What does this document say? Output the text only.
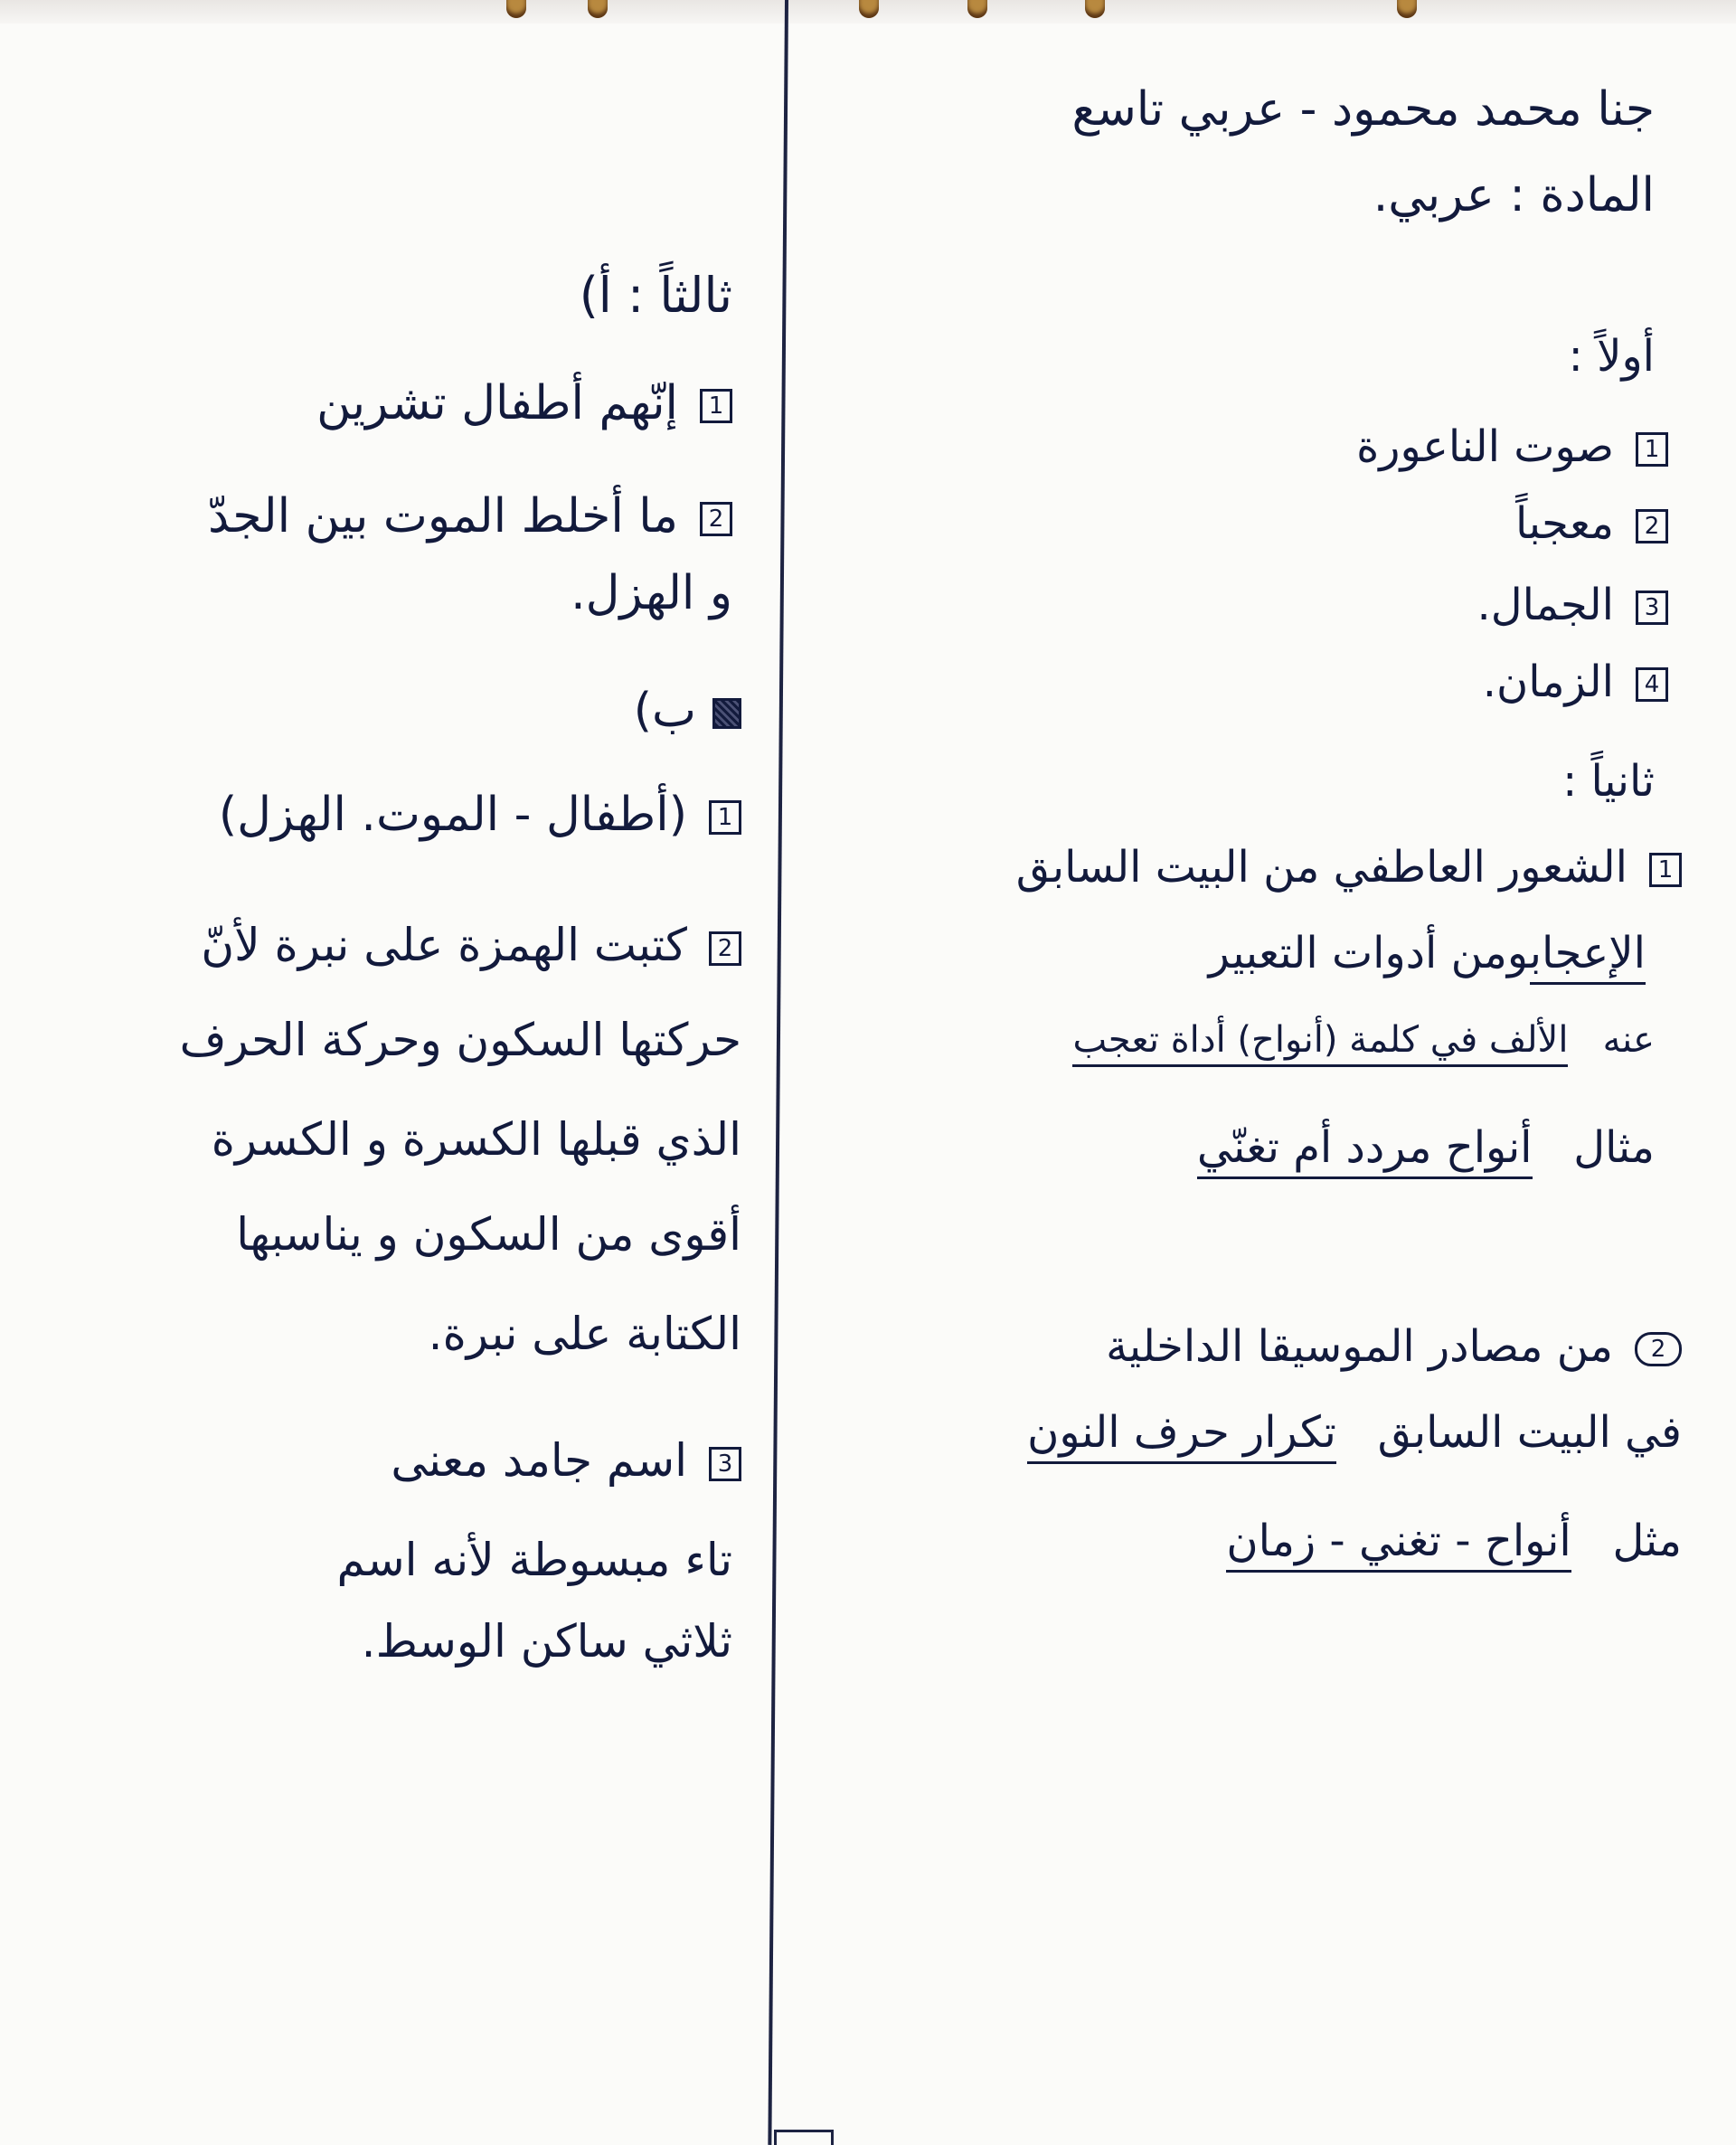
جنا محمد محمود - عربي تاسع
المادة : عربي.
أولاً :
1صوت الناعورة
2معجباً
3الجمال.
4الزمان.
ثانياً :
1الشعور العاطفي من البيت السابق
الإعجابومن أدوات التعبير
عنه   الألف في كلمة (أنواح) أداة تعجب
مثال   أنواح مردد أم تغنّي
2من مصادر الموسيقا الداخلية
في البيت السابق   تكرار حرف النون
مثل   أنواح - تغني - زمان
ثالثاً : أ)
1إنّهم أطفال تشرين
2ما أخلط الموت بين الجدّ
و الهزل.
ب)
1(أطفال - الموت. الهزل)
2كتبت الهمزة على نبرة لأنّ
حركتها السكون وحركة الحرف
الذي قبلها الكسرة و الكسرة
أقوى من السكون و يناسبها
الكتابة على نبرة.
3اسم جامد معنى
تاء مبسوطة لأنه اسم
ثلاثي ساكن الوسط.
